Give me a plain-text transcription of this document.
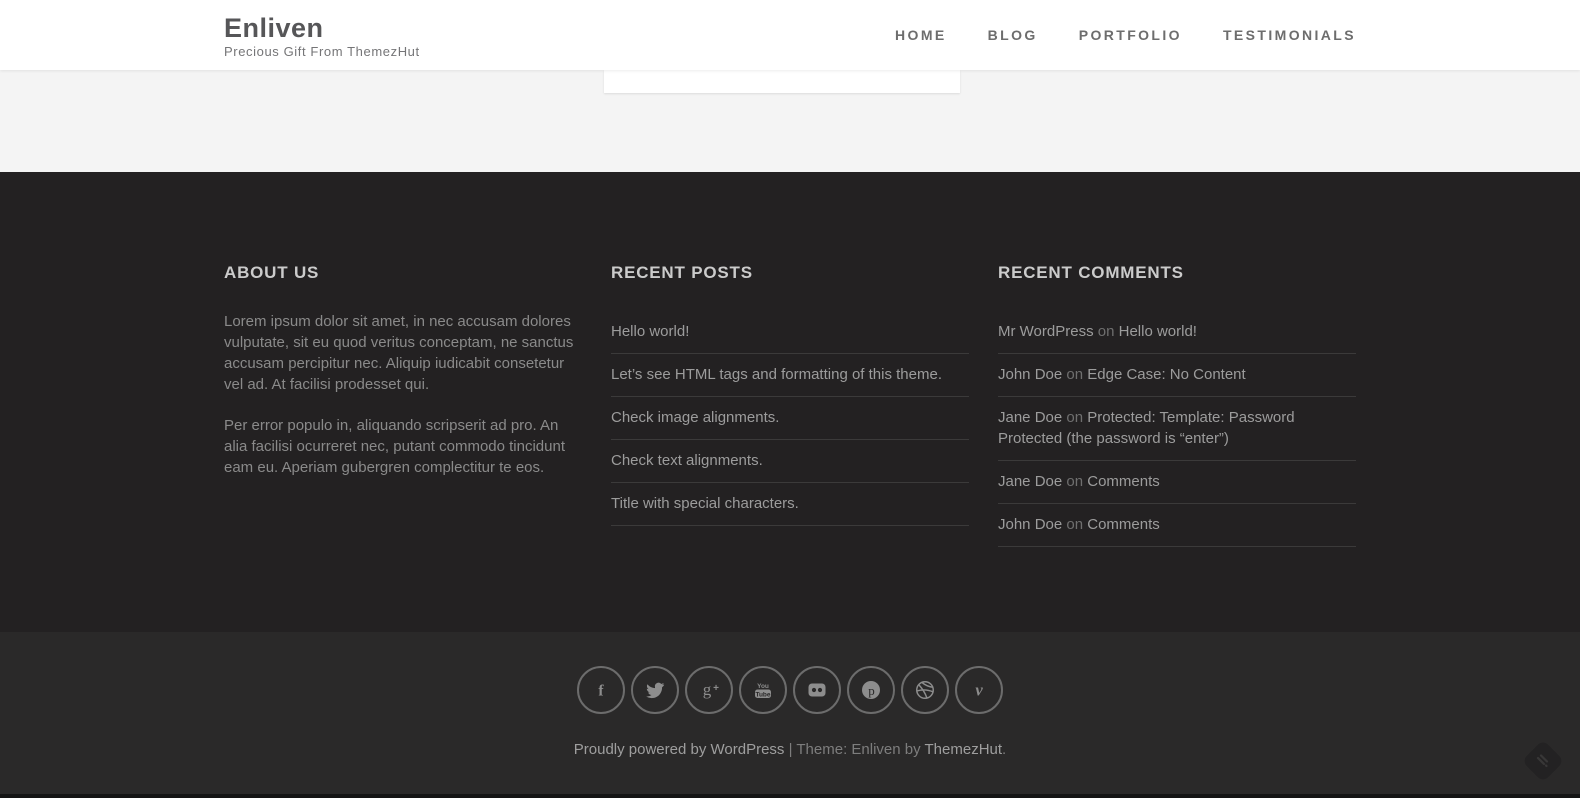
Enliven
Precious Gift From ThemezHut
HOME	BLOG	PORTFOLIO	TESTIMONIALS
ABOUT US

Lorem ipsum dolor sit amet, in nec accusam dolores vulputate, sit eu quod veritus conceptam, ne sanctus accusam percipitur nec. Aliquip iudicabit consetetur vel ad. At facilisi prodesset qui.

Per error populo in, aliquando scripserit ad pro. An alia facilisi ocurreret nec, putant commodo tincidunt eam eu. Aperiam gubergren complectitur te eos.

RECENT POSTS
Hello world!
Let’s see HTML tags and formatting of this theme.
Check image alignments.
Check text alignments.
Title with special characters.
RECENT COMMENTS
Mr WordPress on Hello world!
John Doe on Edge Case: No Content
Jane Doe on Protected: Template: Password Protected (the password is “enter”)
Jane Doe on Comments
John Doe on Comments
f	g +	You
Tube	p	v
Proudly powered by WordPress | Theme: Enliven by ThemezHut.
